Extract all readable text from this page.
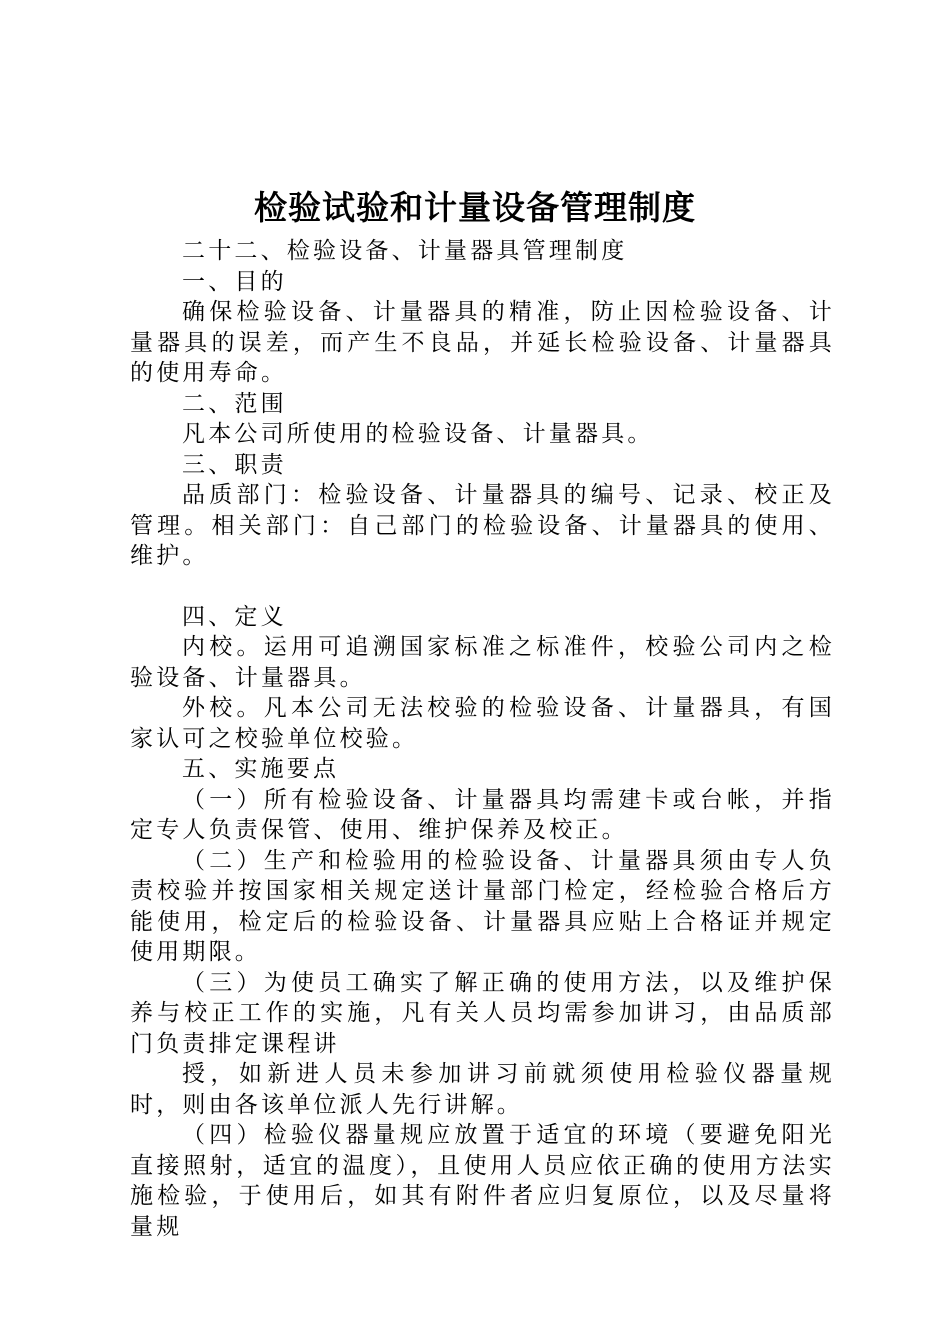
检验试验和计量设备管理制度

二十二、检验设备、计量器具管理制度

一、目的

确保检验设备、计量器具的精准，防止因检验设备、计量器具的误差，而产生不良品，并延长检验设备、计量器具的使用寿命。

二、范围

凡本公司所使用的检验设备、计量器具。

三、职责

品质部门：检验设备、计量器具的编号、记录、校正及管理。相关部门：自己部门的检验设备、计量器具的使用、维护。

四、定义

内校。运用可追溯国家标准之标准件，校验公司内之检验设备、计量器具。

外校。凡本公司无法校验的检验设备、计量器具，有国家认可之校验单位校验。

五、实施要点

（一）所有检验设备、计量器具均需建卡或台帐，并指定专人负责保管、使用、维护保养及校正。

（二）生产和检验用的检验设备、计量器具须由专人负责校验并按国家相关规定送计量部门检定，经检验合格后方能使用，检定后的检验设备、计量器具应贴上合格证并规定使用期限。

（三）为使员工确实了解正确的使用方法，以及维护保养与校正工作的实施，凡有关人员均需参加讲习，由品质部门负责排定课程讲

授，如新进人员未参加讲习前就须使用检验仪器量规时，则由各该单位派人先行讲解。

（四）检验仪器量规应放置于适宜的环境（要避免阳光直接照射，适宜的温度），且使用人员应依正确的使用方法实施检验，于使用后，如其有附件者应归复原位，以及尽量将量规
